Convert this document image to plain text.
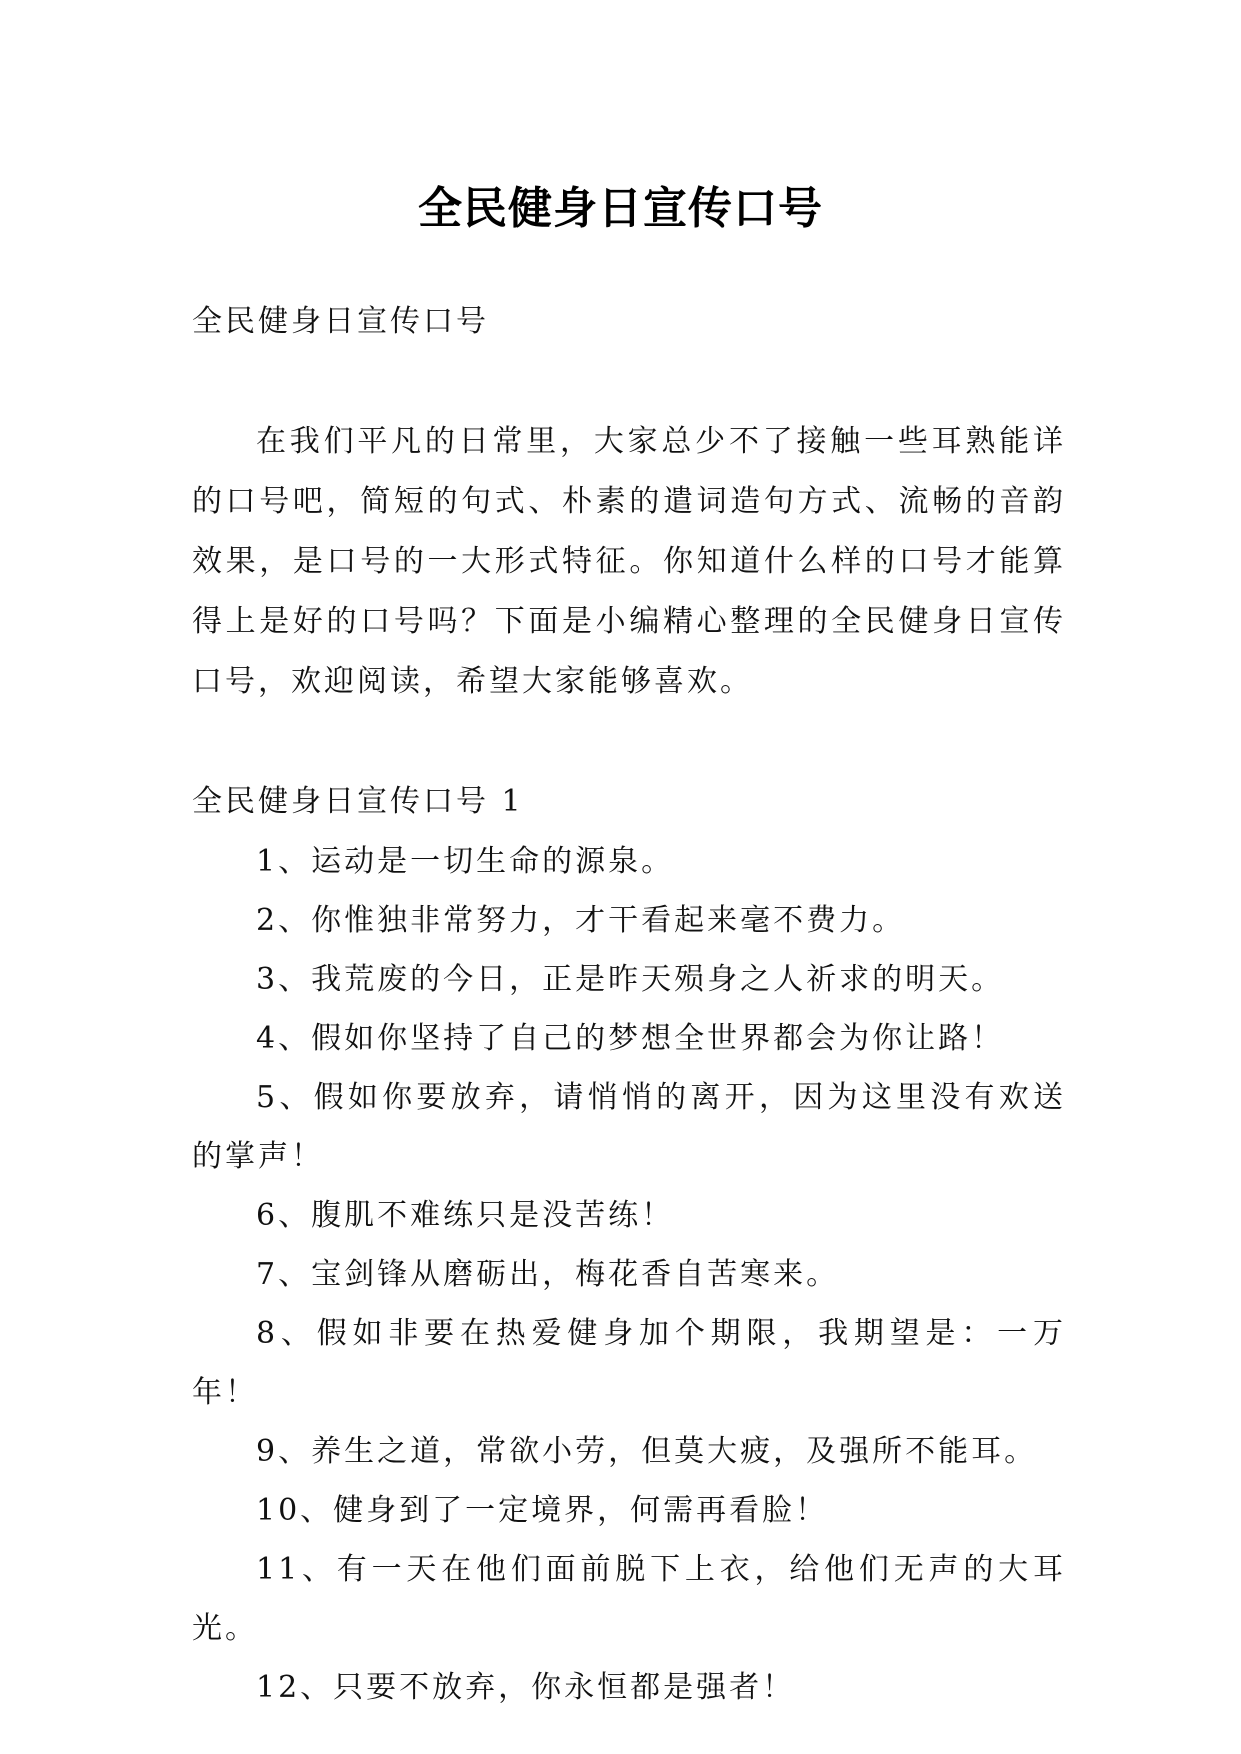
全民健身日宣传口号

全民健身日宣传口号

在我们平凡的日常里，大家总少不了接触一些耳熟能详的口号吧，简短的句式、朴素的遣词造句方式、流畅的音韵效果，是口号的一大形式特征。你知道什么样的口号才能算得上是好的口号吗？下面是小编精心整理的全民健身日宣传口号，欢迎阅读，希望大家能够喜欢。

全民健身日宣传口号 1

1、运动是一切生命的源泉。
2、你惟独非常努力，才干看起来毫不费力。
3、我荒废的今日，正是昨天殒身之人祈求的明天。
4、假如你坚持了自己的梦想全世界都会为你让路！
5、假如你要放弃，请悄悄的离开，因为这里没有欢送的掌声！
6、腹肌不难练只是没苦练！
7、宝剑锋从磨砺出，梅花香自苦寒来。
8、假如非要在热爱健身加个期限，我期望是：一万年！
9、养生之道，常欲小劳，但莫大疲，及强所不能耳。
10、健身到了一定境界，何需再看脸！
11、有一天在他们面前脱下上衣，给他们无声的大耳光。
12、只要不放弃，你永恒都是强者！
